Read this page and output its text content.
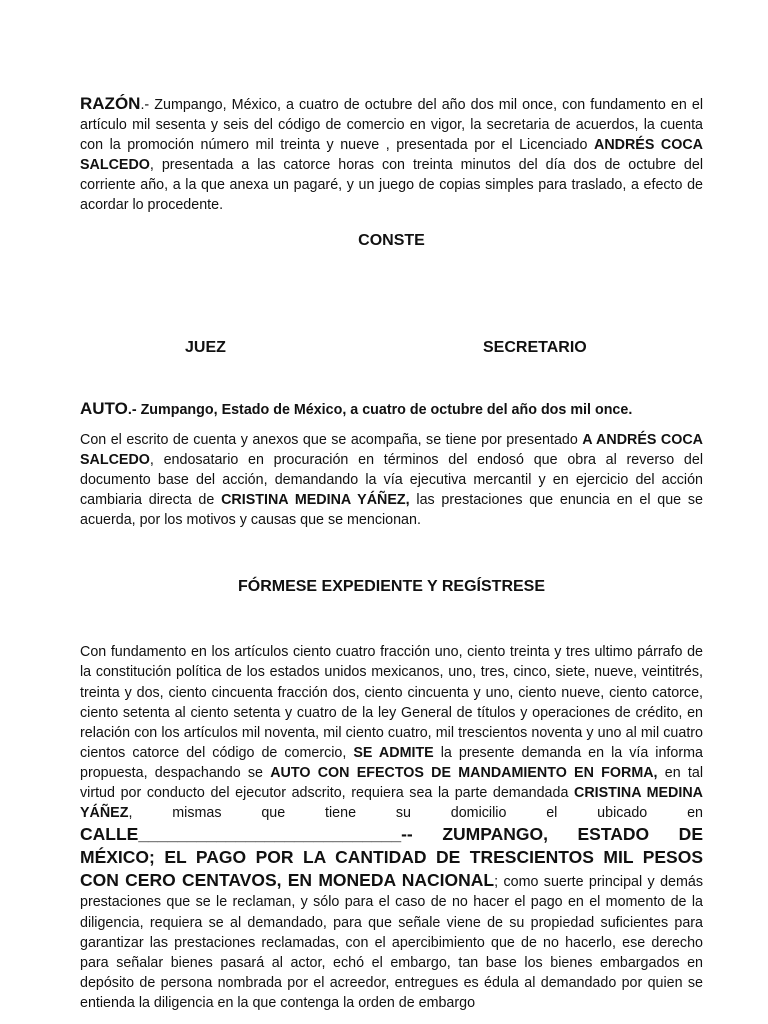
RAZÓN.- Zumpango, México, a cuatro de octubre del año dos mil once, con fundamento en el artículo mil sesenta y seis del código de comercio en vigor, la secretaria de acuerdos, la cuenta con la promoción número mil treinta y nueve , presentada por el Licenciado ANDRÉS COCA SALCEDO, presentada a las catorce horas con treinta minutos del día dos de octubre del corriente año, a la que anexa un pagaré, y un juego de copias simples para traslado, a efecto de acordar lo procedente.

CONSTE

JUEZ	SECRETARIO

AUTO.- Zumpango, Estado de México, a cuatro de octubre del año dos mil once.

Con el escrito de cuenta y anexos que se acompaña, se tiene por presentado A ANDRÉS COCA SALCEDO, endosatario en procuración en términos del endosó que obra al reverso del documento base del acción, demandando la vía ejecutiva mercantil y en ejercicio del acción cambiaria directa de CRISTINA MEDINA YÁÑEZ, las prestaciones que enuncia en el que se acuerda, por los motivos y causas que se mencionan.

FÓRMESE EXPEDIENTE Y REGÍSTRESE

Con fundamento en los artículos ciento cuatro fracción uno, ciento treinta y tres ultimo párrafo de la constitución política de los estados unidos mexicanos, uno, tres, cinco, siete, nueve, veintitrés, treinta y dos, ciento cincuenta fracción dos, ciento cincuenta y uno, ciento nueve, ciento catorce, ciento setenta al ciento setenta y cuatro de la ley General de títulos y operaciones de crédito, en relación con los artículos mil noventa, mil ciento cuatro, mil trescientos noventa y uno al mil cuatro cientos catorce del código de comercio, SE ADMITE la presente demanda en la vía informa propuesta, despachando se AUTO CON EFECTOS DE MANDAMIENTO EN FORMA, en tal virtud por conducto del ejecutor adscrito, requiera sea la parte demandada CRISTINA MEDINA YÁÑEZ, mismas que tiene su domicilio el ubicado en CALLE___________________________-- ZUMPANGO, ESTADO DE MÉXICO; EL PAGO POR LA CANTIDAD DE TRESCIENTOS MIL PESOS CON CERO CENTAVOS, EN MONEDA NACIONAL; como suerte principal y demás prestaciones que se le reclaman, y sólo para el caso de no hacer el pago en el momento de la diligencia, requiera se al demandado, para que señale viene de su propiedad suficientes para garantizar las prestaciones reclamadas, con el apercibimiento que de no hacerlo, ese derecho para señalar bienes pasará al actor, echó el embargo, tan base los bienes embargados en depósito de persona nombrada por el acreedor, entregues es édula al demandado por quien se entienda la diligencia en la que contenga la orden de embargo
